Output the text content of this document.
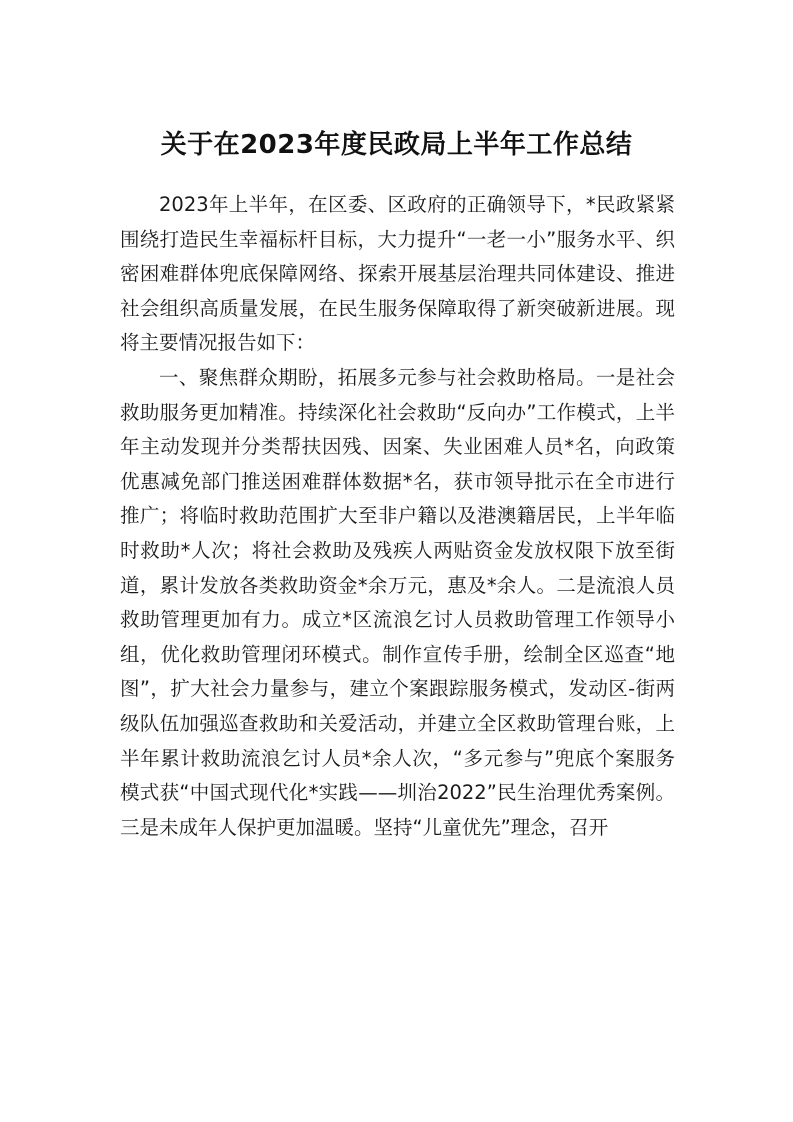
关于在2023年度民政局上半年工作总结

2023年上半年，在区委、区政府的正确领导下，*民政紧紧围绕打造民生幸福标杆目标，大力提升“一老一小”服务水平、织密困难群体兜底保障网络、探索开展基层治理共同体建设、推进社会组织高质量发展，在民生服务保障取得了新突破新进展。现将主要情况报告如下：

一、聚焦群众期盼，拓展多元参与社会救助格局。一是社会救助服务更加精准。持续深化社会救助“反向办”工作模式，上半年主动发现并分类帮扶因残、因案、失业困难人员*名，向政策优惠减免部门推送困难群体数据*名，获市领导批示在全市进行推广；将临时救助范围扩大至非户籍以及港澳籍居民，上半年临时救助*人次；将社会救助及残疾人两贴资金发放权限下放至街道，累计发放各类救助资金*余万元，惠及*余人。二是流浪人员救助管理更加有力。成立*区流浪乞讨人员救助管理工作领导小组，优化救助管理闭环模式。制作宣传手册，绘制全区巡查“地图”，扩大社会力量参与，建立个案跟踪服务模式，发动区-街两级队伍加强巡查救助和关爱活动，并建立全区救助管理台账，上半年累计救助流浪乞讨人员*余人次，“多元参与”兜底个案服务模式获“中国式现代化*实践——圳治2022”民生治理优秀案例。三是未成年人保护更加温暖。坚持“儿童优先”理念，召开
